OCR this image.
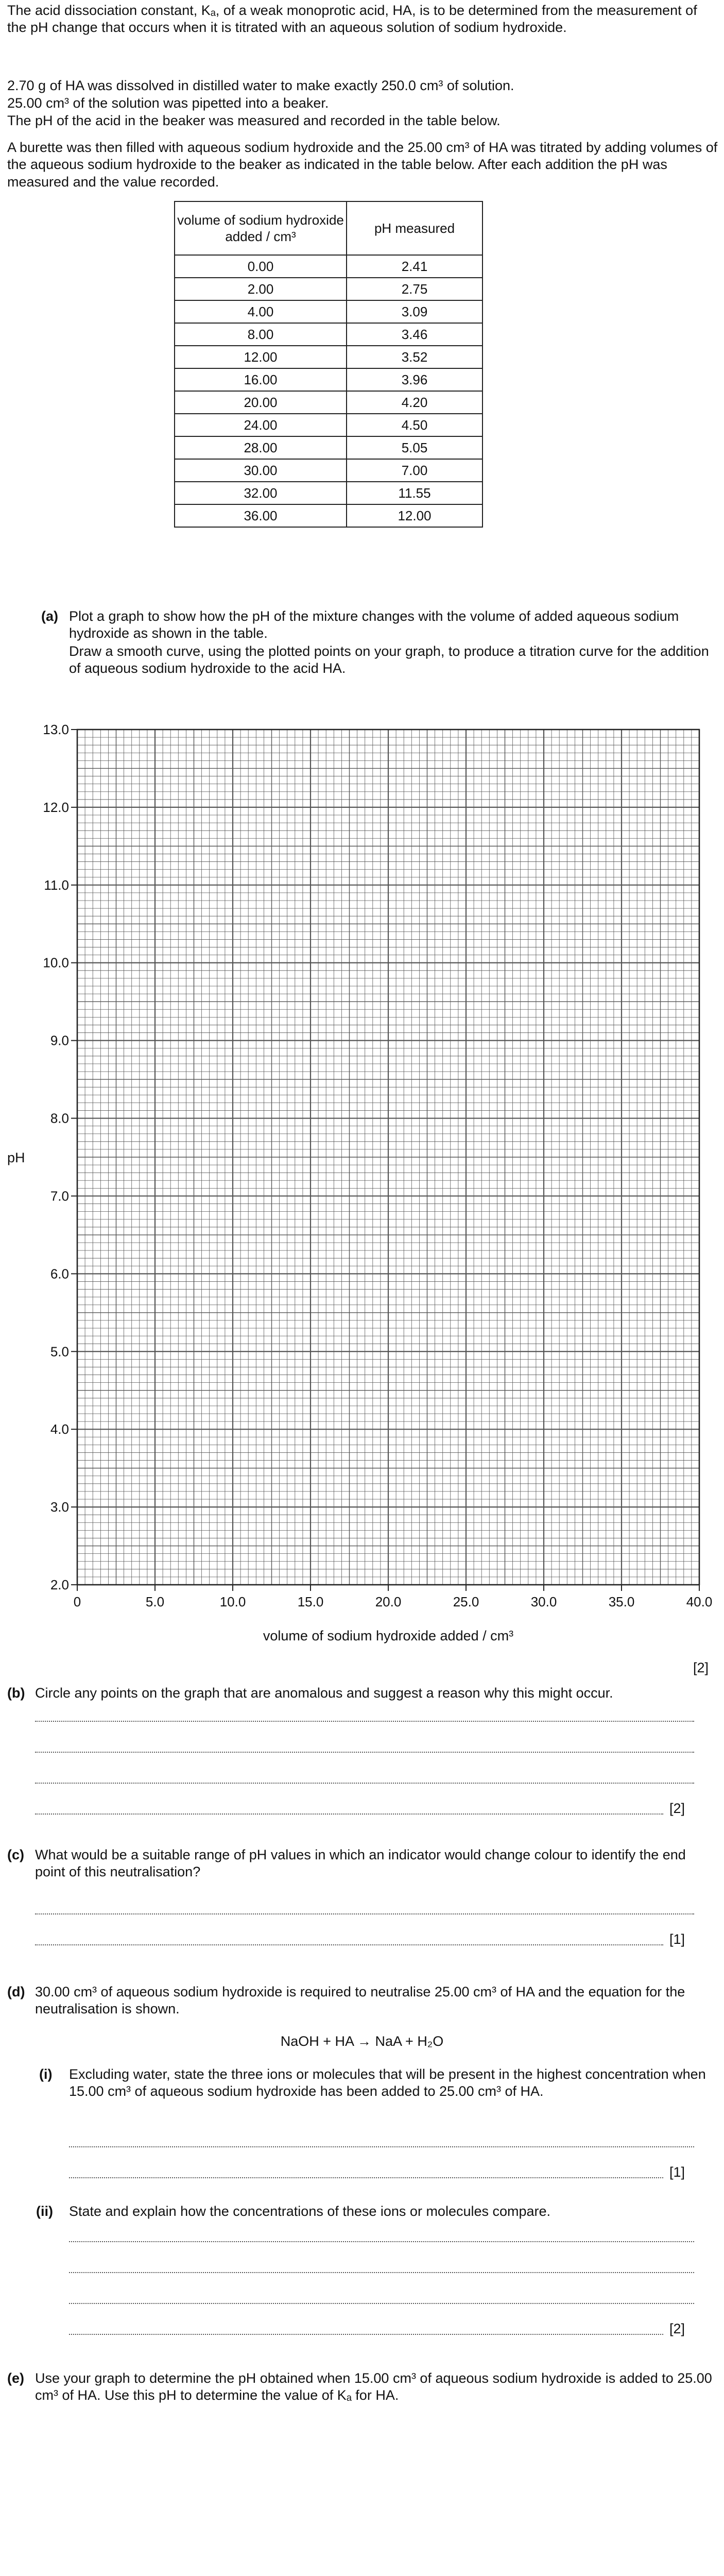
The acid dissociation constant, Kₐ, of a weak monoprotic acid, HA, is to be determined from the measurement of the pH change that occurs when it is titrated with an aqueous solution of sodium hydroxide.
2.70 g of HA was dissolved in distilled water to make exactly 250.0 cm³ of solution.
25.00 cm³ of the solution was pipetted into a beaker.
The pH of the acid in the beaker was measured and recorded in the table below.
A burette was then filled with aqueous sodium hydroxide and the 25.00 cm³ of HA was titrated by adding volumes of the aqueous sodium hydroxide to the beaker as indicated in the table below. After each addition the pH was measured and the value recorded.
volume of sodium hydroxide added / cm³	pH measured
0.00	2.41
2.00	2.75
4.00	3.09
8.00	3.46
12.00	3.52
16.00	3.96
20.00	4.20
24.00	4.50
28.00	5.05
30.00	7.00
32.00	11.55
36.00	12.00
(a) Plot a graph to show how the pH of the mixture changes with the volume of added aqueous sodium hydroxide as shown in the table.
Draw a smooth curve, using the plotted points on your graph, to produce a titration curve for the addition of aqueous sodium hydroxide to the acid HA.
2.0
3.0
4.0
5.0
6.0
7.0
8.0
9.0
10.0
11.0
12.0
13.0
0	5.0	10.0	15.0	20.0	25.0	30.0	35.0	40.0
pH
volume of sodium hydroxide added / cm³
[2]
(b) Circle any points on the graph that are anomalous and suggest a reason why this might occur.
[2]
(c) What would be a suitable range of pH values in which an indicator would change colour to identify the end point of this neutralisation?
[1]
(d) 30.00 cm³ of aqueous sodium hydroxide is required to neutralise 25.00 cm³ of HA and the equation for the neutralisation is shown.
NaOH + HA → NaA + H₂O
(i) Excluding water, state the three ions or molecules that will be present in the highest concentration when 15.00 cm³ of aqueous sodium hydroxide has been added to 25.00 cm³ of HA.
[1]
(ii) State and explain how the concentrations of these ions or molecules compare.
[2]
(e) Use your graph to determine the pH obtained when 15.00 cm³ of aqueous sodium hydroxide is added to 25.00 cm³ of HA. Use this pH to determine the value of Kₐ for HA.
